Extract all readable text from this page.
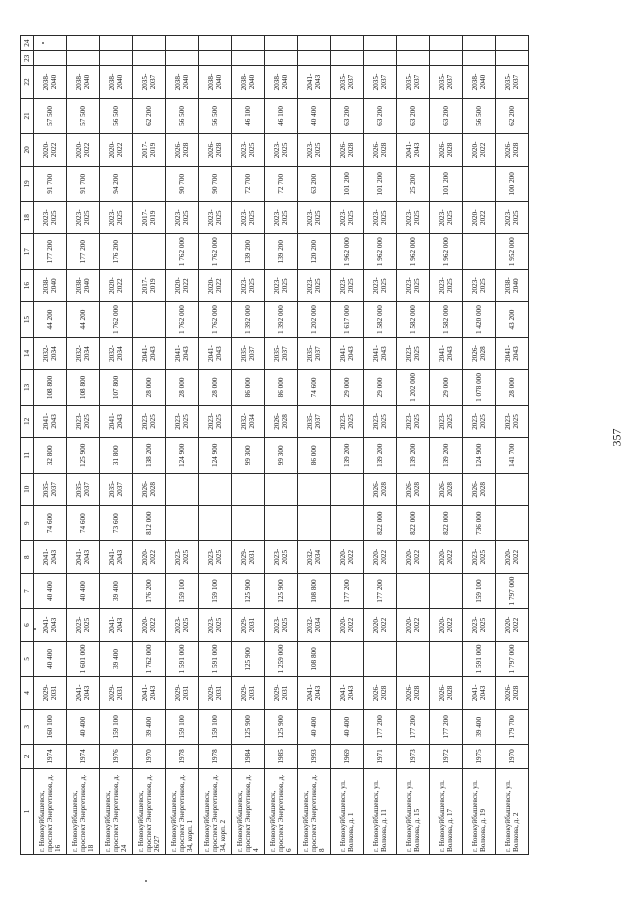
357
1	2	3	4	5	6	7	8	9	10	11	12	13	14	15	16	17	18	19	20	21	22	23	24
г. Новокуйбышевск, проспект Энергетиков, д. 16	1974	160 100	2029-2031	40 400	2041-2043	40 400	2041-2043	74 600	2035-2037	32 800	2041-2043	108 800	2032-2034	44 200	2038-2040	177 200	2023-2025	91 700	2020-2022	57 500	2038-2040		
г. Новокуйбышевск, проспект Энергетиков, д. 18	1974	40 400	2041-2043	1 601 000	2023-2025	40 400	2041-2043	74 600	2035-2037	125 900	2023-2025	108 800	2032-2034	44 200	2038-2040	177 200	2023-2025	91 700	2020-2022	57 500	2038-2040		
г. Новокуйбышевск, проспект Энергетиков, д. 24	1976	159 100	2029-2031	39 400	2041-2043	39 400	2041-2043	73 600	2035-2037	31 800	2041-2043	107 800	2032-2034	1 762 000	2020-2022	176 200	2023-2025	94 200	2020-2022	56 500	2038-2040		
г. Новокуйбышевск, проспект Энергетиков, д. 26/27	1970	39 400	2041-2043	1 762 000	2020-2022	176 200	2020-2022	812 000	2026-2028	138 200	2023-2025	28 000	2041-2043		2017-2019		2017-2019		2017-2019	62 200	2035-2037		
г. Новокуйбышевск, проспект Энергетиков, д. 34, корп. 1	1978	159 100	2029-2031	1 591 000	2023-2025	159 100	2023-2025			124 900	2023-2025	28 000	2041-2043	1 762 000	2020-2022	1 762 000	2023-2025	90 700	2026-2028	56 500	2038-2040		
г. Новокуйбышевск, проспект Энергетиков, д. 34, корп. 2	1978	159 100	2029-2031	1 591 000	2023-2025	159 100	2023-2025			124 900	2023-2025	28 000	2041-2043	1 762 000	2020-2022	1 762 000	2023-2025	90 700	2026-2028	56 500	2038-2040		
г. Новокуйбышевск, проспект Энергетиков, д. 4	1984	125 900	2029-2031	125 900	2029-2031	125 900	2029-2031			99 300	2032-2034	86 000	2035-2037	1 392 000	2023-2025	139 200	2023-2025	72 700	2023-2025	46 100	2038-2040		
г. Новокуйбышевск, проспект Энергетиков, д. 6	1985	125 900	2029-2031	1 259 000	2023-2025	125 900	2023-2025			99 300	2026-2028	86 000	2035-2037	1 392 000	2023-2025	139 200	2023-2025	72 700	2023-2025	46 100	2038-2040		
г. Новокуйбышевск, проспект Энергетиков, д. 8	1993	40 400	2041-2043	108 800	2032-2034	108 800	2032-2034			86 000	2035-2037	74 600	2035-2037	1 202 000	2023-2025	120 200	2023-2025	63 200	2023-2025	40 400	2041-2043		
г. Новокуйбышевск, ул. Волкова, д. 1	1969	40 400	2041-2043		2020-2022	177 200	2020-2022			139 200	2023-2025	29 000	2041-2043	1 617 000	2023-2025	1 962 000	2023-2025	101 200	2026-2028	63 200	2035-2037		
г. Новокуйбышевск, ул. Волкова, д. 11	1971	177 200	2026-2028		2020-2022	177 200	2020-2022	822 000	2026-2028	139 200	2023-2025	29 000	2041-2043	1 582 000	2023-2025	1 962 000	2023-2025	101 200	2026-2028	63 200	2035-2037		
г. Новокуйбышевск, ул. Волкова, д. 15	1973	177 200	2026-2028		2020-2022		2020-2022	822 000	2026-2028	139 200	2023-2025	1 202 000	2023-2025	1 582 000	2023-2025	1 962 000	2023-2025	25 200	2041-2043	63 200	2035-2037		
г. Новокуйбышевск, ул. Волкова, д. 17	1972	177 200	2026-2028		2020-2022		2020-2022	822 000	2026-2028	139 200	2023-2025	29 000	2041-2043	1 582 000	2023-2025	1 962 000	2023-2025	101 200	2026-2028	63 200	2035-2037		
г. Новокуйбышевск, ул. Волкова, д. 19	1975	39 400	2041-2043	1 591 000	2023-2025	159 100	2023-2025	736 000	2026-2028	124 900	2023-2025	1 078 000	2026-2028	1 420 000	2023-2025		2020-2022		2020-2022	56 500	2038-2040		
г. Новокуйбышевск, ул. Волкова, д. 2	1970	179 700	2026-2028	1 797 000	2020-2022	1 797 000	2020-2022			141 700	2023-2025	28 000	2041-2043	43 200	2038-2040	1 952 000	2023-2025	100 200	2026-2028	62 200	2035-2037		
